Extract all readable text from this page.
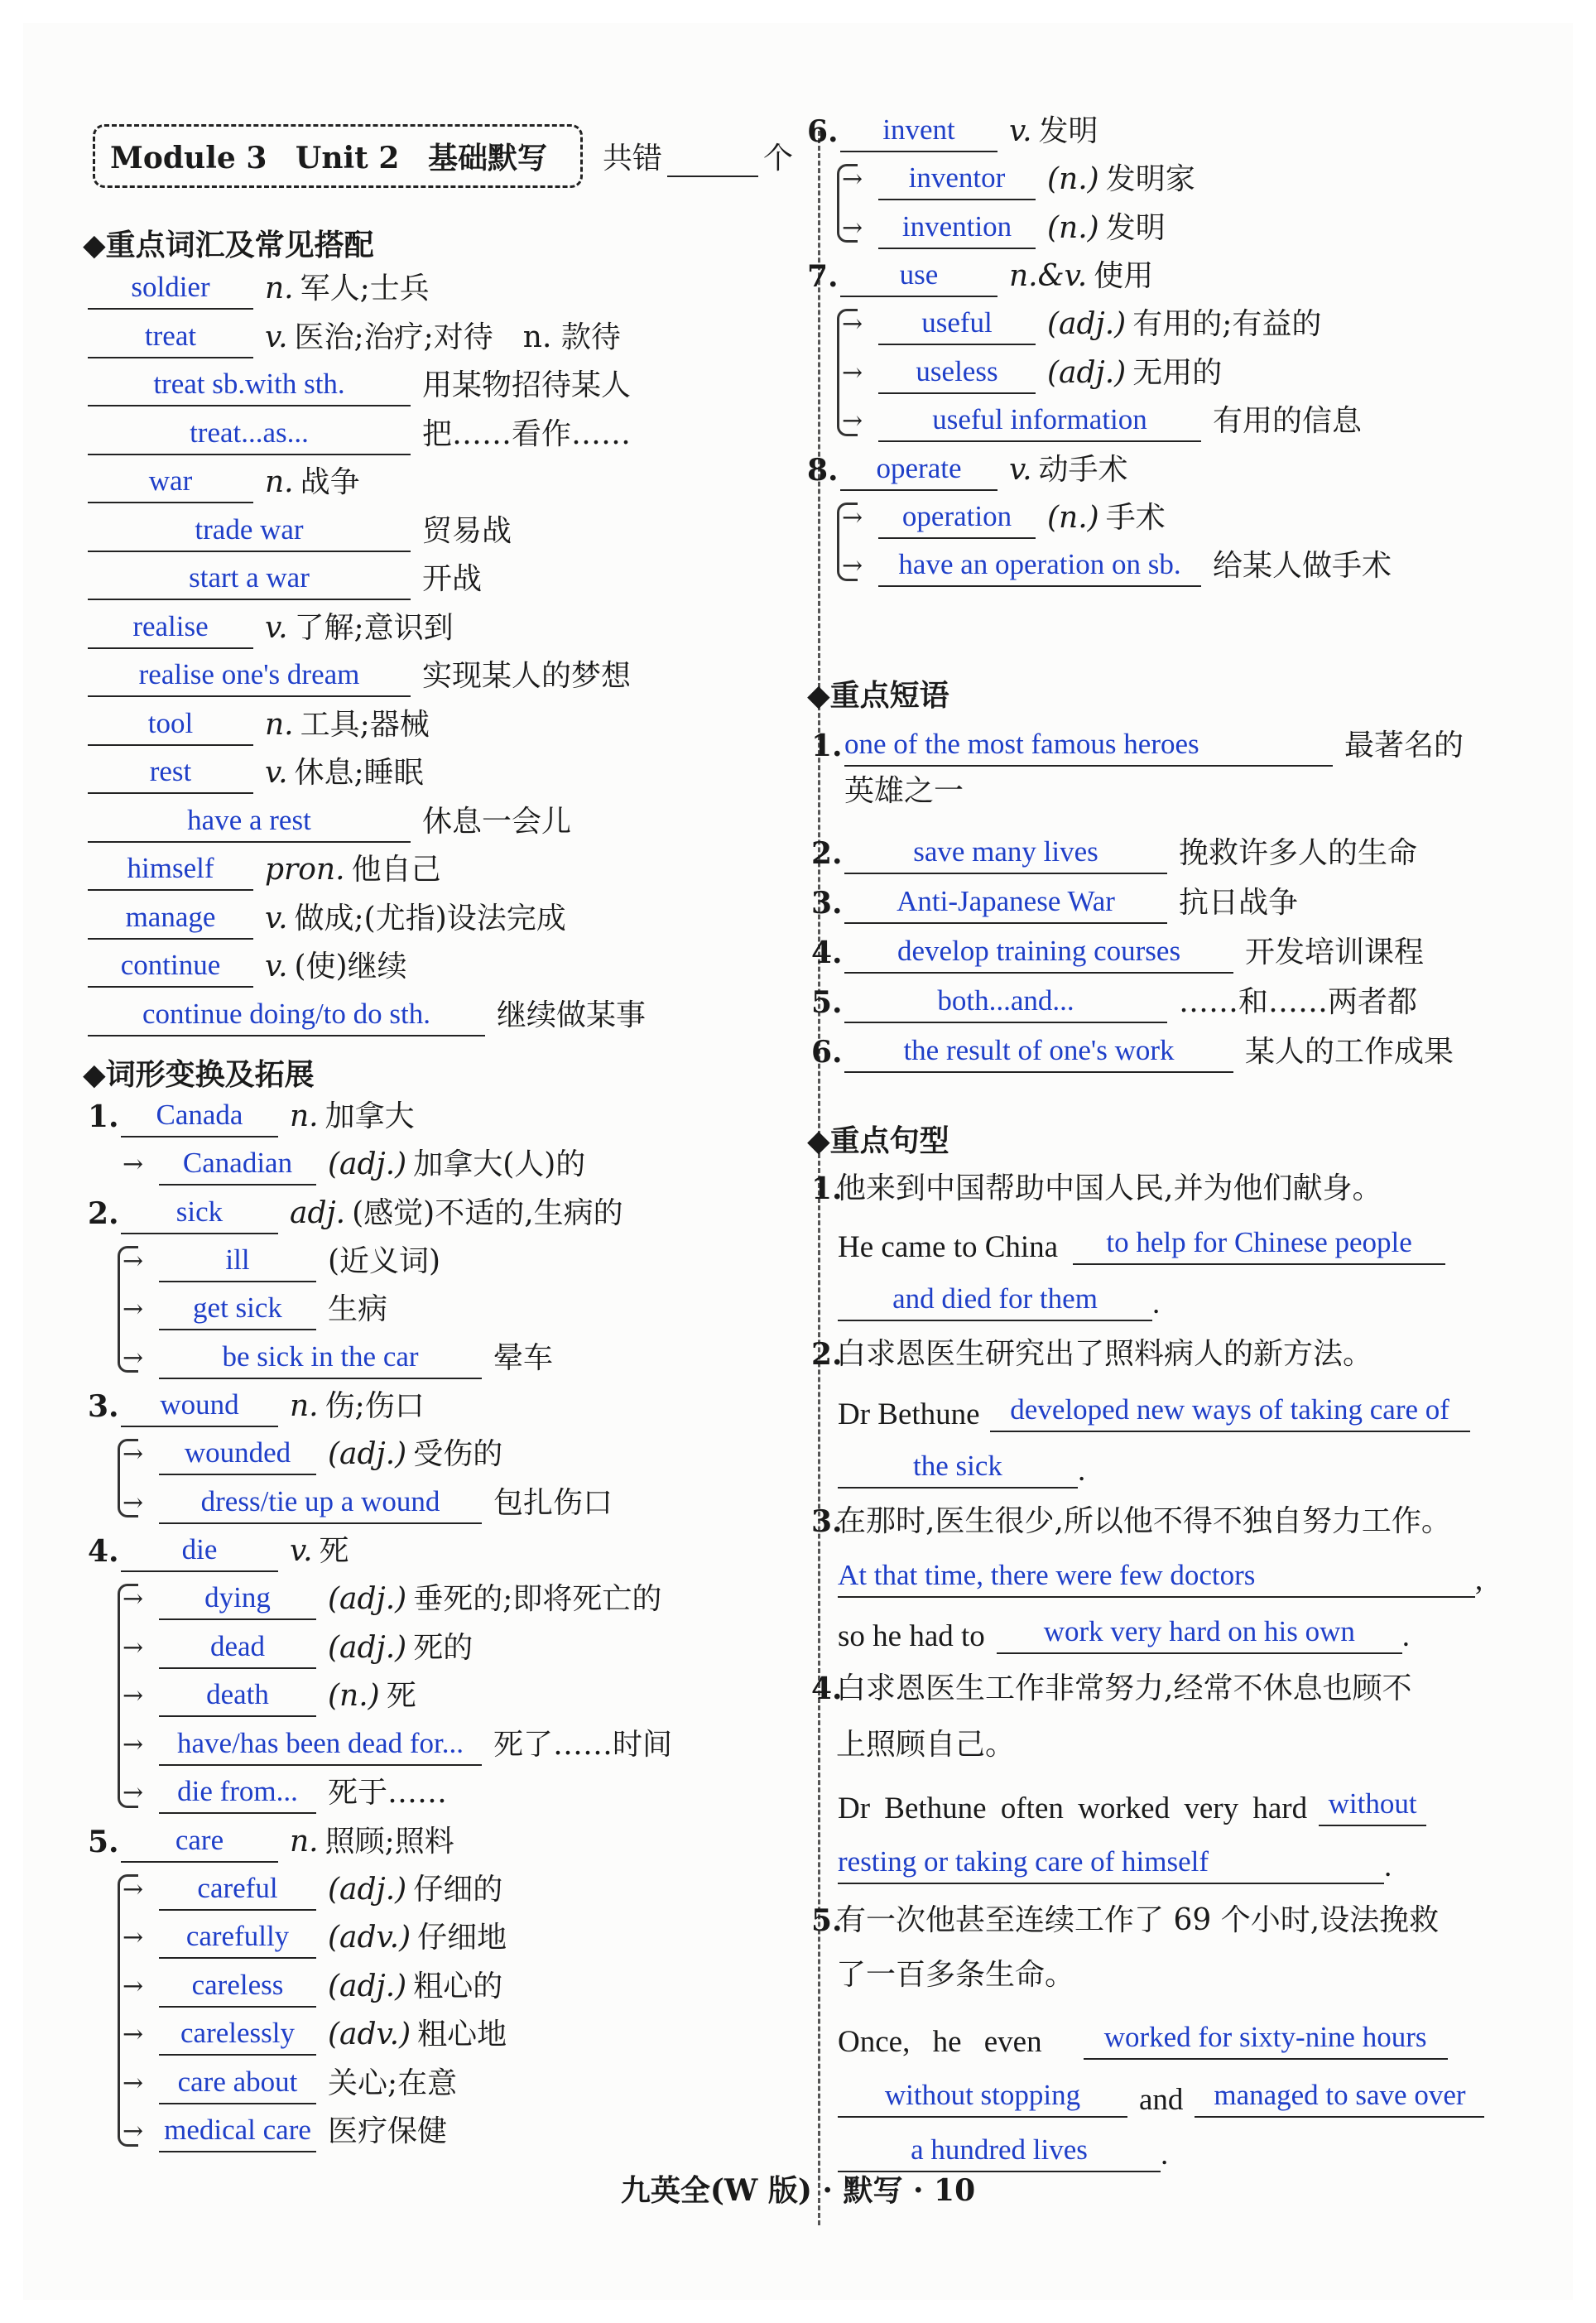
Module 3 Unit 2 基础默写	共错	个
九英全(W 版) · 默写 · 10
◆重点词汇及常见搭配
◆词形变换及拓展
◆重点短语
◆重点句型
soldier	n. 军人;士兵
treat	v. 医治;治疗;对待　n. 款待
treat sb.with sth.	用某物招待某人
treat...as...	把……看作……
war	n. 战争
trade war	贸易战
start a war	开战
realise	v. 了解;意识到
realise one's dream	实现某人的梦想
tool	n. 工具;器械
rest	v. 休息;睡眠
have a rest	休息一会儿
himself	pron. 他自己
manage	v. 做成;(尤指)设法完成
continue	v. (使)继续
continue doing/to do sth.	继续做某事
1.	Canada	n. 加拿大
→	Canadian	(adj.) 加拿大(人)的
2.	sick	adj. (感觉)不适的,生病的
→	ill	(近义词)
→	get sick	生病
→	be sick in the car	晕车
3.	wound	n. 伤;伤口
→	wounded	(adj.) 受伤的
→	dress/tie up a wound	包扎伤口
4.	die	v. 死
→	dying	(adj.) 垂死的;即将死亡的
→	dead	(adj.) 死的
→	death	(n.) 死
→	have/has been dead for...	死了……时间
→	die from...	死于……
5.	care	n. 照顾;照料
→	careful	(adj.) 仔细的
→	carefully	(adv.) 仔细地
→	careless	(adj.) 粗心的
→	carelessly	(adv.) 粗心地
→	care about	关心;在意
→ medical care 医疗保健
6.	invent	v. 发明
→	inventor	(n.) 发明家
→	invention	(n.) 发明
7.	use	n.&v. 使用
→	useful	(adj.) 有用的;有益的
→	useless	(adj.) 无用的
→	useful information	有用的信息
8.	operate	v. 动手术
→	operation	(n.) 手术
→	have an operation on sb.	给某人做手术
1. one of the most famous heroes	最著名的
英雄之一
2.	save many lives	挽救许多人的生命
3.	Anti-Japanese War	抗日战争
4.	develop training courses	开发培训课程
5.	both...and...	……和……两者都
6.	the result of one's work	某人的工作成果
1.
他来到中国帮助中国人民,并为他们献身。
He came to China	to help for Chinese people
and died for them	.
2.
白求恩医生研究出了照料病人的新方法。
Dr Bethune	developed new ways of taking care of
the sick	.
3.
在那时,医生很少,所以他不得不独自努力工作。
At that time, there were few doctors	,
so he had to	work very hard on his own	.
4.
白求恩医生工作非常努力,经常不休息也顾不
上照顾自己。
Dr Bethune often worked very hard without
resting or taking care of himself	.
5.
有一次他甚至连续工作了 69 个小时,设法挽救
了一百多条生命。
Once, he even	worked for sixty-nine hours
without stopping	and	managed to save over
a hundred lives	.
